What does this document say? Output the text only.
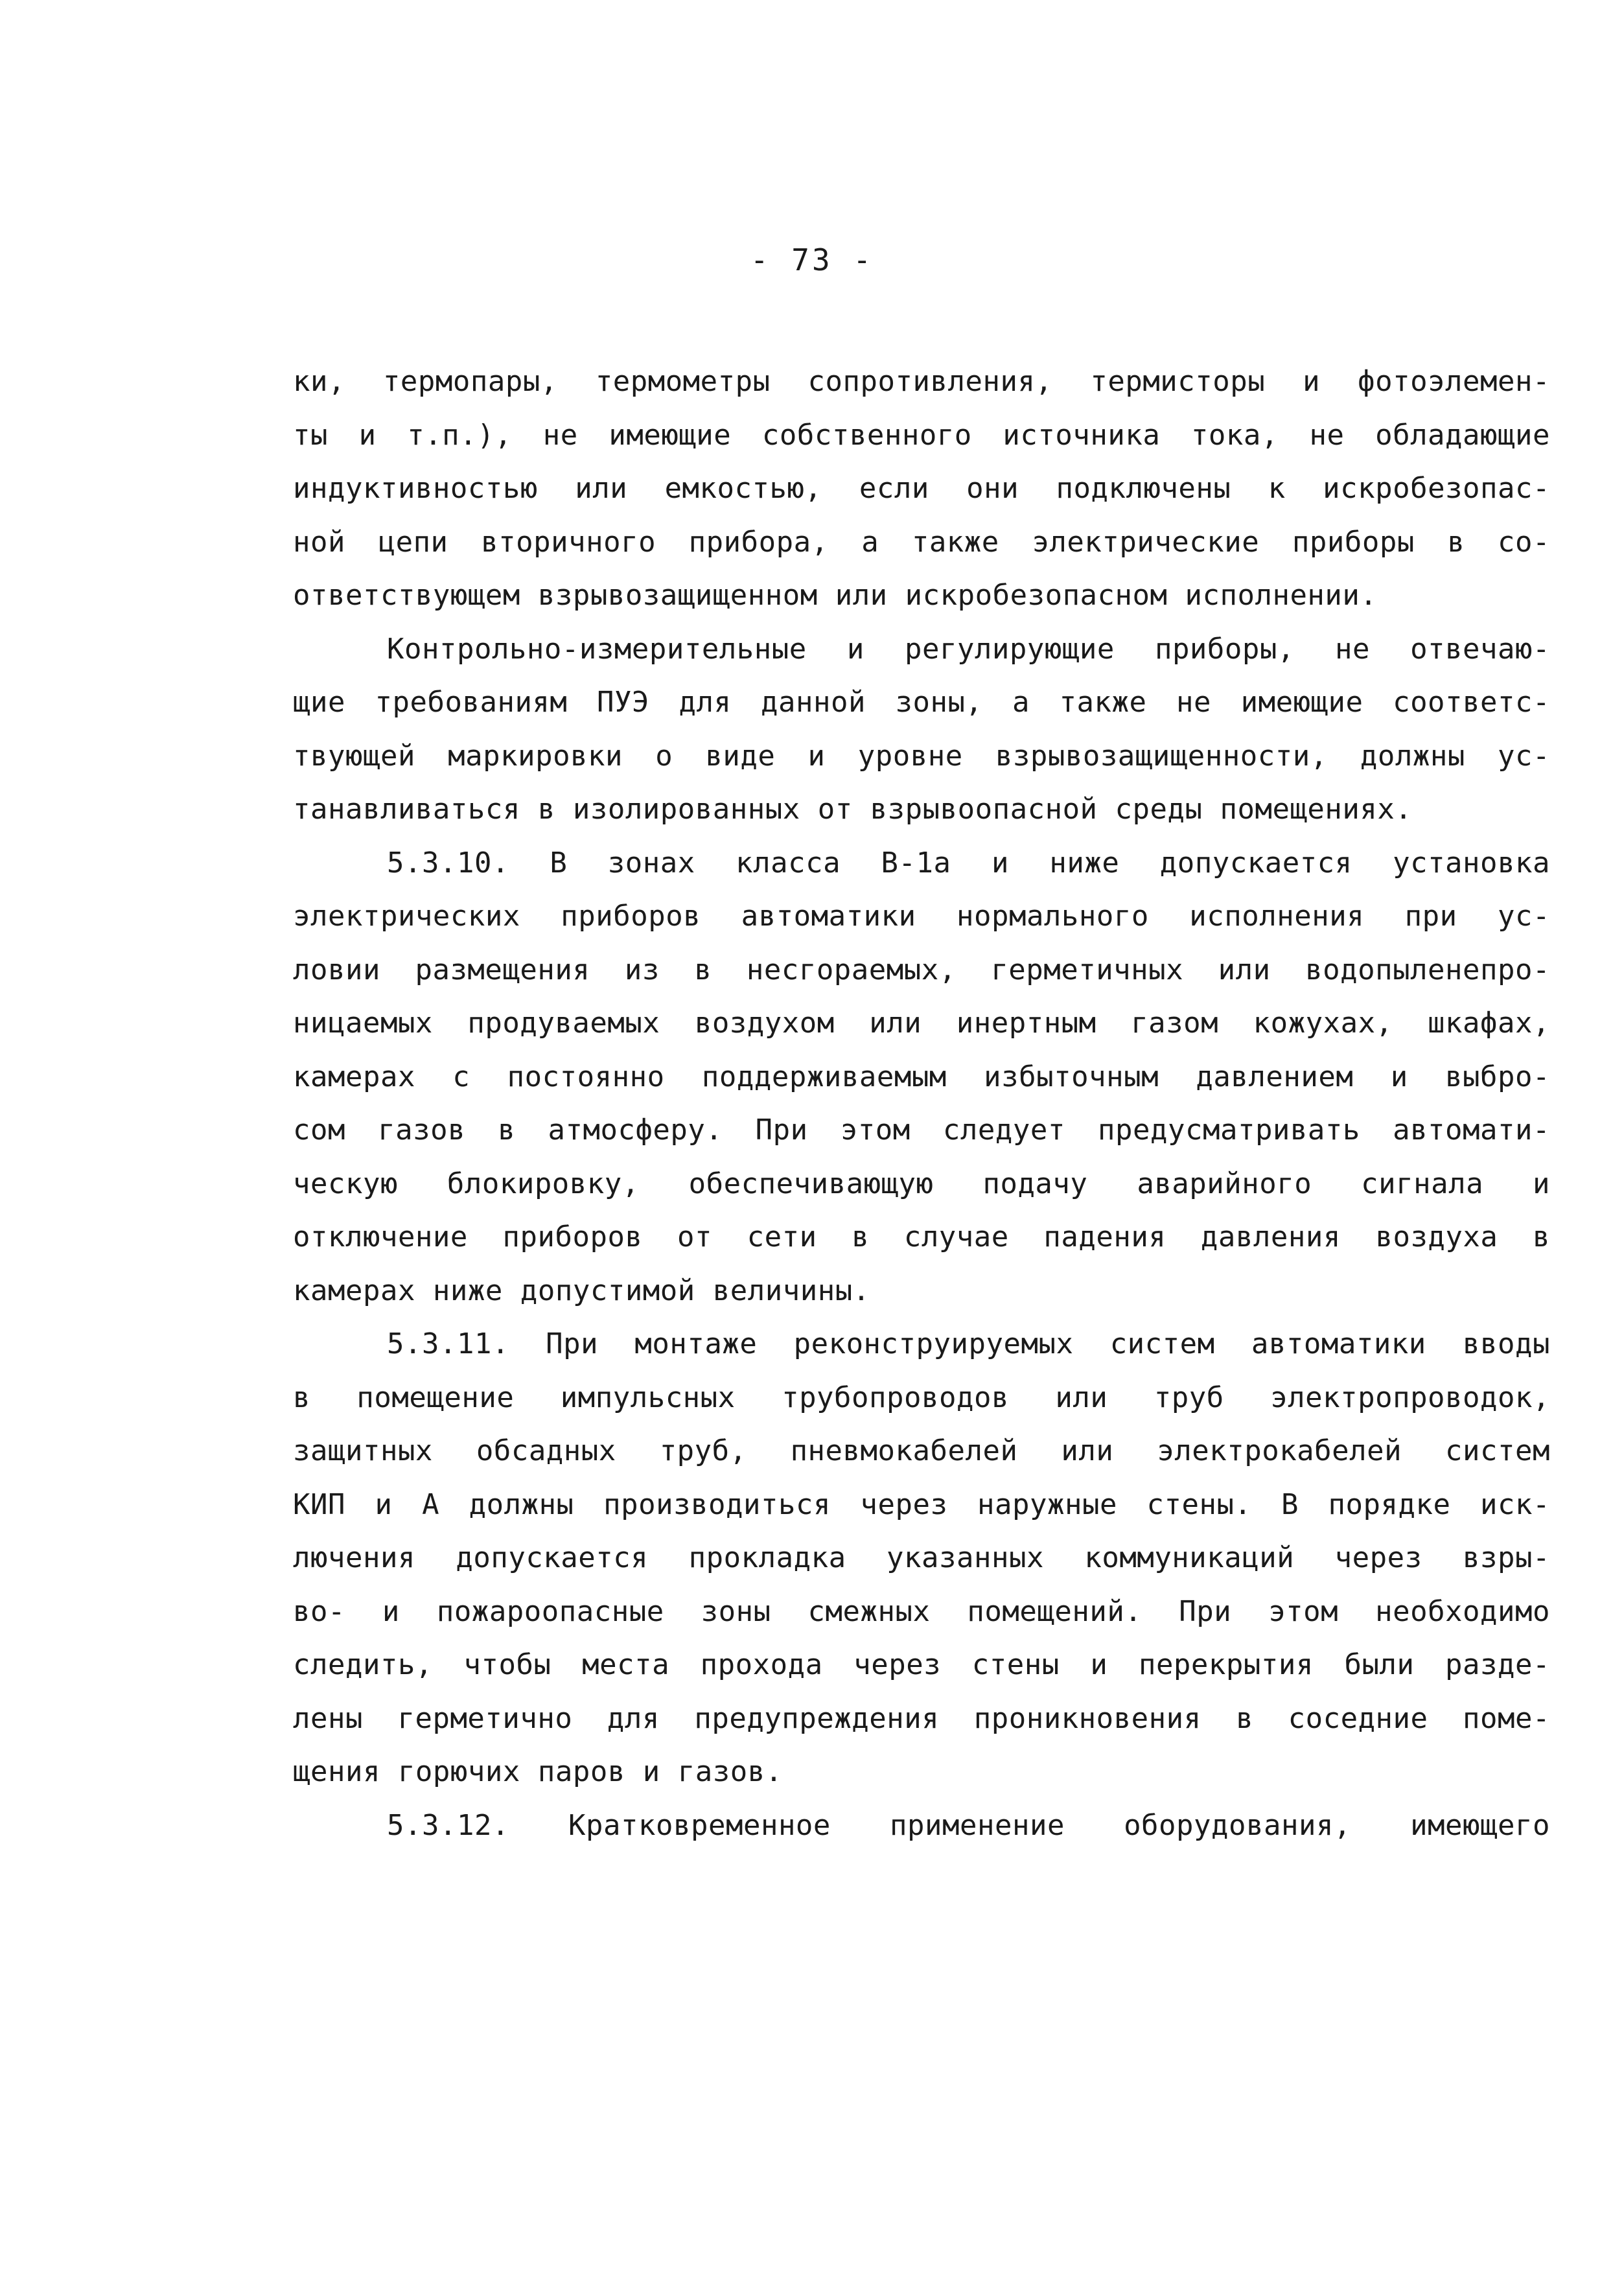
- 73 -
ки, термопары, термометры сопротивления, термисторы и фотоэлемен-
ты и т.п.), не имеющие собственного источника тока, не обладающие
индуктивностью или емкостью, если они подключены к искробезопас-
ной цепи вторичного прибора, а также электрические приборы в со-
ответствующем взрывозащищенном или искробезопасном исполнении.
Контрольно-измерительные и регулирующие приборы, не отвечаю-
щие требованиям ПУЭ для данной зоны, а также не имеющие соответс-
твующей маркировки о виде и уровне взрывозащищенности, должны ус-
танавливаться в изолированных от взрывоопасной среды помещениях.
5.3.10. В зонах класса В-1а и ниже допускается установка
электрических приборов автоматики нормального исполнения при ус-
ловии размещения из в несгораемых, герметичных или водопыленепро-
ницаемых продуваемых воздухом или инертным газом кожухах, шкафах,
камерах с постоянно поддерживаемым избыточным давлением и выбро-
сом газов в атмосферу. При этом следует предусматривать автомати-
ческую блокировку, обеспечивающую подачу аварийного сигнала и
отключение приборов от сети в случае падения давления воздуха в
камерах ниже допустимой величины.
5.3.11. При монтаже реконструируемых систем автоматики вводы
в помещение импульсных трубопроводов или труб электропроводок,
защитных обсадных труб, пневмокабелей или электрокабелей систем
КИП и А должны производиться через наружные стены. В порядке иск-
лючения допускается прокладка указанных коммуникаций через взры-
во- и пожароопасные зоны смежных помещений. При этом необходимо
следить, чтобы места прохода через стены и перекрытия были разде-
лены герметично для предупреждения проникновения в соседние поме-
щения горючих паров и газов.
5.3.12. Кратковременное применение оборудования, имеющего
